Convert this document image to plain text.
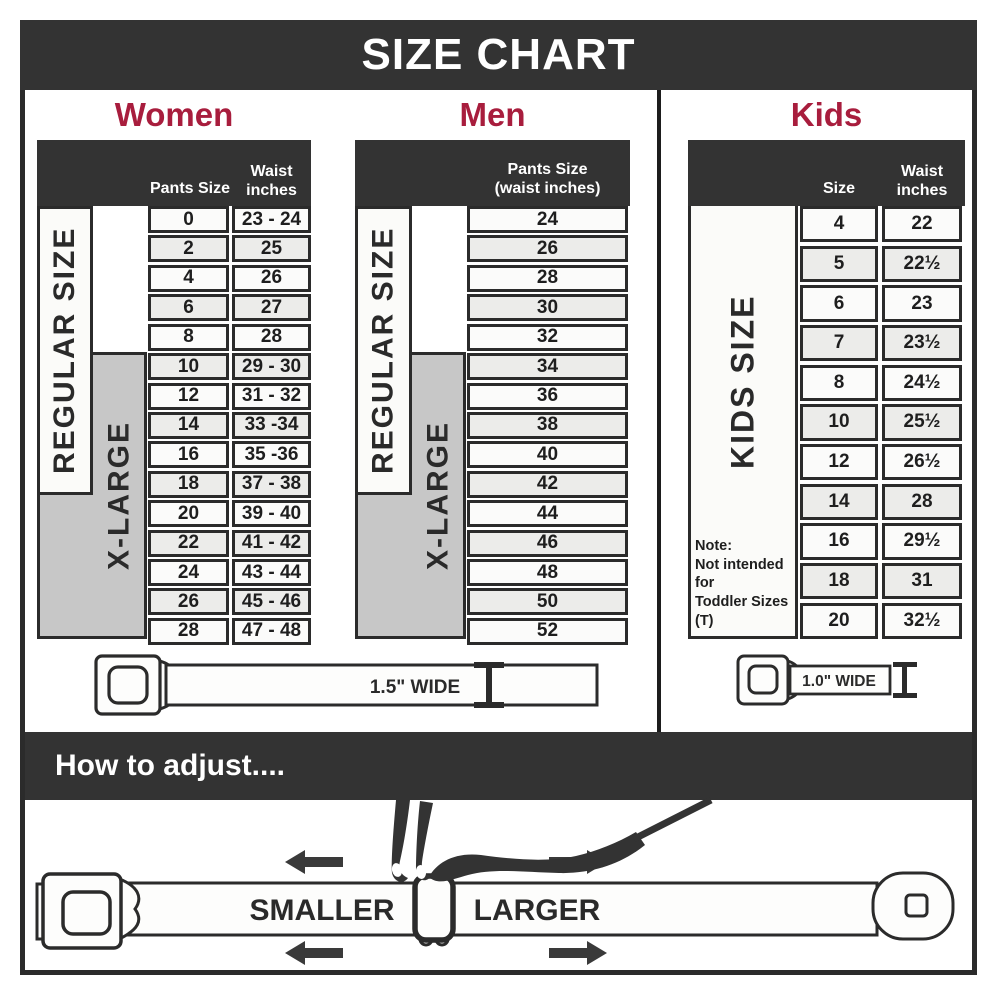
SIZE CHART
Women
Pants Size
Waist
inches
REGULAR SIZE
X-LARGE
0
2
4
6
8
10
12
14
16
18
20
22
24
26
28
23 - 24
25
26
27
28
29 - 30
31 - 32
33 -34
35 -36
37 - 38
39 - 40
41 - 42
43 - 44
45 - 46
47 - 48
Men
Pants Size
(waist inches)
REGULAR SIZE
X-LARGE
24
26
28
30
32
34
36
38
40
42
44
46
48
50
52
Kids
Size
Waist
inches
KIDS SIZE
Note:
Not intended for
Toddler Sizes (T)
4
5
6
7
8
10
12
14
16
18
20
22
22½
23
23½
24½
25½
26½
28
29½
31
32½
1.5" WIDE	1.0" WIDE
How to adjust....
SMALLER	LARGER
